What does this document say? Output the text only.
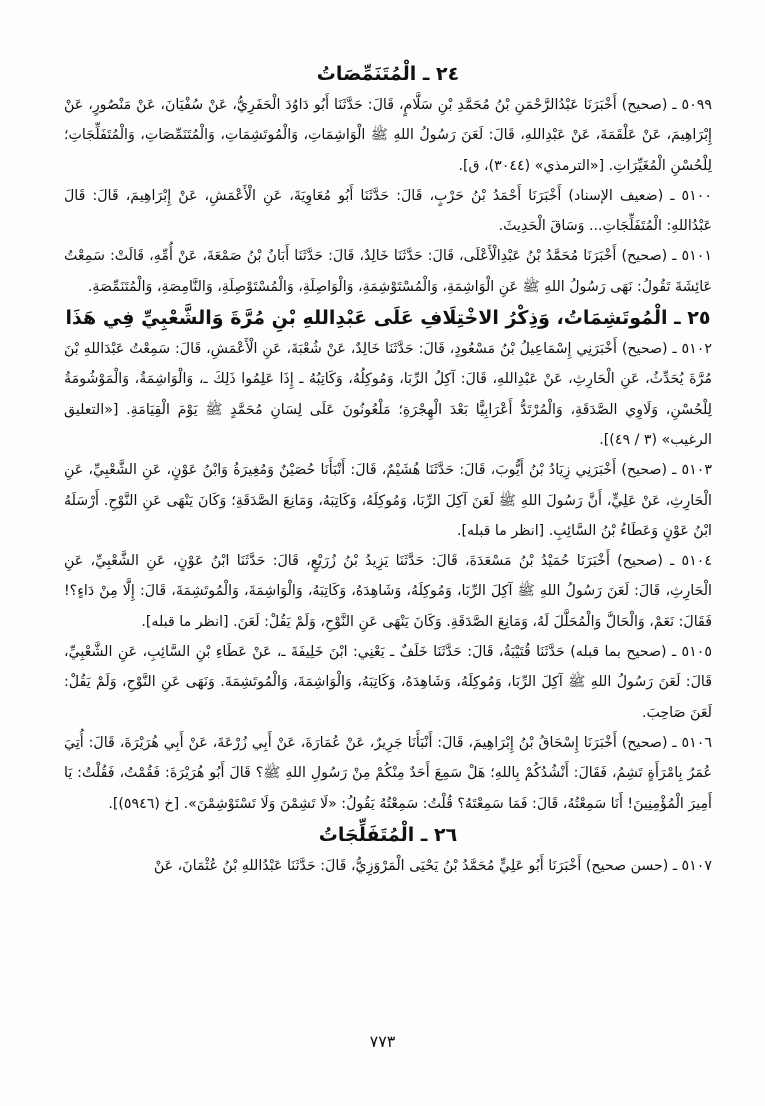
٢٤ ـ الْمُتَنَمِّصَاتُ

٥٠٩٩ ـ (صحيح) أَخْبَرَنَا عَبْدُالرَّحْمَنِ بْنُ مُحَمَّدِ بْنِ سَلَّامٍ، قَالَ: حَدَّثَنَا أَبُو دَاوُدَ الْحَفَرِيُّ، عَنْ سُفْيَانَ، عَنْ مَنْصُورٍ، عَنْ إِبْرَاهِيمَ، عَنْ عَلْقَمَةَ، عَنْ عَبْدِاللهِ، قَالَ: لَعَنَ رَسُولُ اللهِ ﷺ الْوَاشِمَاتِ، وَالْمُوتَشِمَاتِ، وَالْمُتَنَمِّصَاتِ، وَالْمُتَفَلِّجَاتِ؛ لِلْحُسْنِ الْمُغَيِّرَاتِ. [«الترمذي» (٣٠٤٤)، ق].

٥١٠٠ ـ (ضعيف الإسناد) أَخْبَرَنَا أَحْمَدُ بْنُ حَرْبٍ، قَالَ: حَدَّثَنَا أَبُو مُعَاوِيَةَ، عَنِ الْأَعْمَشِ، عَنْ إِبْرَاهِيمَ، قَالَ: قَالَ عَبْدُاللهِ: الْمُتَفَلِّجَاتِ... وَسَاقَ الْحَدِيثَ.

٥١٠١ ـ (صحيح) أَخْبَرَنَا مُحَمَّدُ بْنُ عَبْدِالْأَعْلَى، قَالَ: حَدَّثَنَا خَالِدٌ، قَالَ: حَدَّثَنَا أَبَانُ بْنُ صَمْعَةَ، عَنْ أُمِّهِ، قَالَتْ: سَمِعْتُ عَائِشَةَ تَقُولُ: نَهَى رَسُولُ اللهِ ﷺ عَنِ الْوَاشِمَةِ، وَالْمُسْتَوْشِمَةِ، وَالْوَاصِلَةِ، وَالْمُسْتَوْصِلَةِ، وَالنَّامِصَةِ، وَالْمُتَنَمِّصَةِ.

٢٥ ـ الْمُوتَشِمَاتُ، وَذِكْرُ الاخْتِلَافِ عَلَى عَبْدِاللهِ بْنِ مُرَّةَ وَالشَّعْبِيِّ فِي هَذَا

٥١٠٢ ـ (صحيح) أَخْبَرَنِي إِسْمَاعِيلُ بْنُ مَسْعُودٍ، قَالَ: حَدَّثَنَا خَالِدٌ، عَنْ شُعْبَةَ، عَنِ الْأَعْمَشِ، قَالَ: سَمِعْتُ عَبْدَاللهِ بْنَ مُرَّةَ يُحَدِّثُ، عَنِ الْحَارِثِ، عَنْ عَبْدِاللهِ، قَالَ: آكِلُ الرِّبَا، وَمُوكِلُهُ، وَكَاتِبُهُ ـ إِذَا عَلِمُوا ذَلِكَ ـ، وَالْوَاشِمَةُ، وَالْمَوْشُومَةُ لِلْحُسْنِ، وَلَاوِي الصَّدَقَةِ، وَالْمُرْتَدُّ أَعْرَابِيًّا بَعْدَ الْهِجْرَةِ؛ مَلْعُونُونَ عَلَى لِسَانِ مُحَمَّدٍ ﷺ يَوْمَ الْقِيَامَةِ. [«التعليق الرغيب» (٣ / ٤٩)].

٥١٠٣ ـ (صحيح) أَخْبَرَنِي زِيَادُ بْنُ أَيُّوبَ، قَالَ: حَدَّثَنَا هُشَيْمٌ، قَالَ: أَنْبَأَنَا حُصَيْنٌ وَمُغِيرَةُ وَابْنُ عَوْنٍ، عَنِ الشَّعْبِيِّ، عَنِ الْحَارِثِ، عَنْ عَلِيٍّ، أَنَّ رَسُولَ اللهِ ﷺ لَعَنَ آكِلَ الرِّبَا، وَمُوكِلَهُ، وَكَاتِبَهُ، وَمَانِعَ الصَّدَقَةِ؛ وَكَانَ يَنْهَى عَنِ النَّوْحِ. أَرْسَلَهُ ابْنُ عَوْنٍ وَعَطَاءُ بْنُ السَّائِبِ. [انظر ما قبله].

٥١٠٤ ـ (صحيح) أَخْبَرَنَا حُمَيْدُ بْنُ مَسْعَدَةَ، قَالَ: حَدَّثَنَا يَزِيدُ بْنُ زُرَيْعٍ، قَالَ: حَدَّثَنَا ابْنُ عَوْنٍ، عَنِ الشَّعْبِيِّ، عَنِ الْحَارِثِ، قَالَ: لَعَنَ رَسُولُ اللهِ ﷺ آكِلَ الرِّبَا، وَمُوكِلَهُ، وَشَاهِدَهُ، وَكَاتِبَهُ، وَالْوَاشِمَةَ، وَالْمُوتَشِمَةَ، قَالَ: إِلَّا مِنْ دَاءٍ؟! فَقَالَ: نَعَمْ، وَالْحَالَّ وَالْمُحَلَّلَ لَهُ، وَمَانِعَ الصَّدَقَةِ. وَكَانَ يَنْهَى عَنِ النَّوْحِ، وَلَمْ يَقُلْ: لَعَنَ. [انظر ما قبله].

٥١٠٥ ـ (صحيح بما قبله) حَدَّثَنَا قُتَيْبَةُ، قَالَ: حَدَّثَنَا خَلَفٌ ـ يَعْنِي: ابْنَ خَلِيفَةَ ـ، عَنْ عَطَاءِ بْنِ السَّائِبِ، عَنِ الشَّعْبِيِّ، قَالَ: لَعَنَ رَسُولُ اللهِ ﷺ آكِلَ الرِّبَا، وَمُوكِلَهُ، وَشَاهِدَهُ، وَكَاتِبَهُ، وَالْوَاشِمَةَ، وَالْمُوتَشِمَةَ. وَنَهَى عَنِ النَّوْحِ، وَلَمْ يَقُلْ: لَعَنَ صَاحِبَ.

٥١٠٦ ـ (صحيح) أَخْبَرَنَا إِسْحَاقُ بْنُ إِبْرَاهِيمَ، قَالَ: أَنْبَأَنَا جَرِيرٌ، عَنْ عُمَارَةَ، عَنْ أَبِي زُرْعَةَ، عَنْ أَبِي هُرَيْرَةَ، قَالَ: أُتِيَ عُمَرُ بِامْرَأَةٍ تَشِمُ، فَقَالَ: أَنْشُدُكُمْ بِاللهِ؛ هَلْ سَمِعَ أَحَدٌ مِنْكُمْ مِنْ رَسُولِ اللهِ ﷺ؟ قَالَ أَبُو هُرَيْرَةَ: فَقُمْتُ، فَقُلْتُ: يَا أَمِيرَ الْمُؤْمِنِينَ! أَنَا سَمِعْتُهُ، قَالَ: فَمَا سَمِعْتَهُ؟ قُلْتُ: سَمِعْتُهُ يَقُولُ: «لَا تَشِمْنَ وَلَا تَسْتَوْشِمْنَ». [خ (٥٩٤٦)].

٢٦ ـ الْمُتَفَلِّجَاتُ

٥١٠٧ ـ (حسن صحيح) أَخْبَرَنَا أَبُو عَلِيٍّ مُحَمَّدُ بْنُ يَحْيَى الْمَرْوَزِيُّ، قَالَ: حَدَّثَنَا عَبْدُاللهِ بْنُ عُثْمَانَ، عَنْ

٧٧٣
